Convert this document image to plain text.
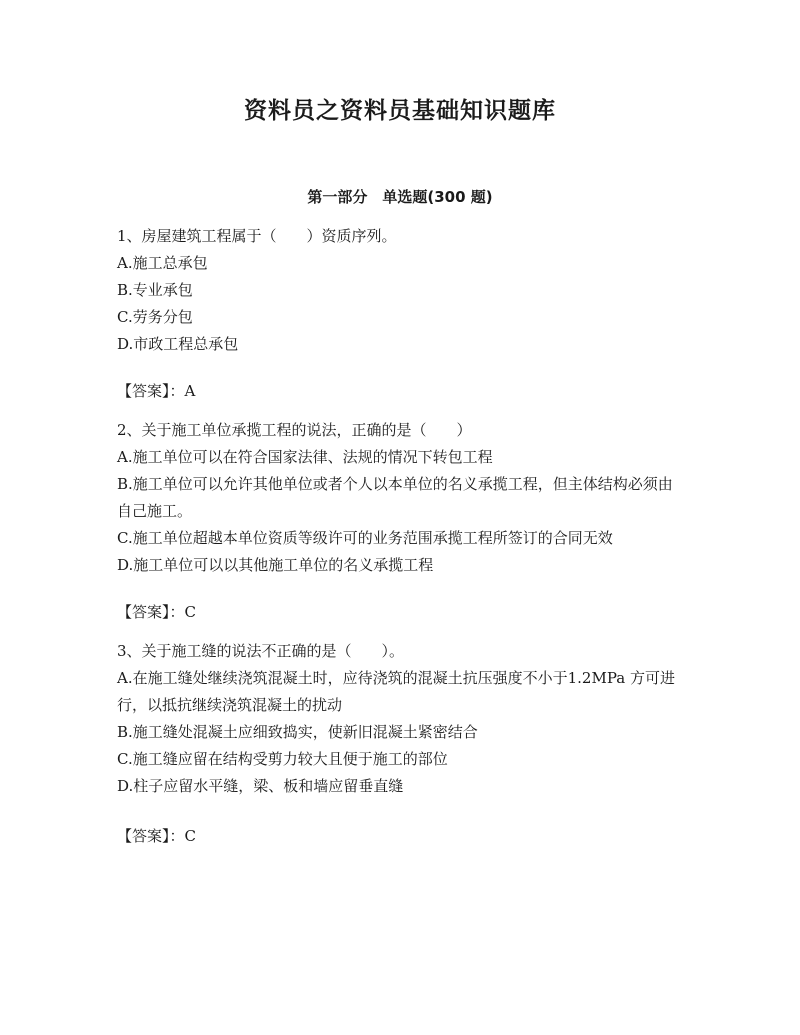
资料员之资料员基础知识题库
第一部分　单选题(300 题)
1、房屋建筑工程属于（　　）资质序列。
A.施工总承包
B.专业承包
C.劳务分包
D.市政工程总承包
【答案】：A
2、关于施工单位承揽工程的说法，正确的是（　　）
A.施工单位可以在符合国家法律、法规的情况下转包工程
B.施工单位可以允许其他单位或者个人以本单位的名义承揽工程，但主体结构必须由自己施工。
C.施工单位超越本单位资质等级许可的业务范围承揽工程所签订的合同无效
D.施工单位可以以其他施工单位的名义承揽工程
【答案】：C
3、关于施工缝的说法不正确的是（　　）。
A.在施工缝处继续浇筑混凝土时，应待浇筑的混凝土抗压强度不小于1.2MPa 方可进行，以抵抗继续浇筑混凝土的扰动
B.施工缝处混凝土应细致捣实，使新旧混凝土紧密结合
C.施工缝应留在结构受剪力较大且便于施工的部位
D.柱子应留水平缝，梁、板和墙应留垂直缝
【答案】：C
